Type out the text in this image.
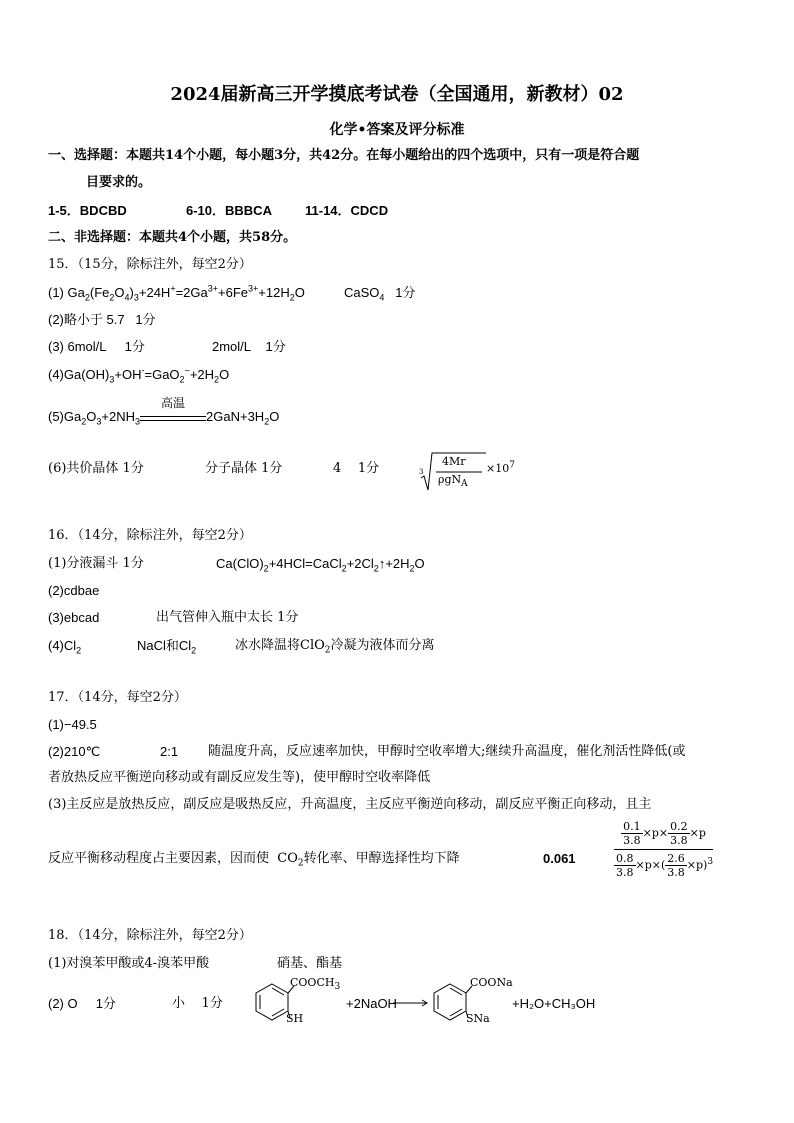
2024届新高三开学摸底考试卷（全国通用，新教材）02
化学•答案及评分标准
一、选择题：本题共14个小题，每小题3分，共42分。在每小题给出的四个选项中，只有一项是符合题
目要求的。
1-5．BDCBD	6-10．BBBCA	11-14．CDCD
二、非选择题：本题共4个小题，共58分。
15．（15分，除标注外，每空2分）
(1) $Ga_2(Fe_2O_4)_3+24H^+=2Ga^{3+}+6Fe^{3+}+12H_2O$	CaSO$_4$ 1分
(2)略小于 5.7 1分
(3) 6mol/L 1分	2mol/L 1分
$(4)Ga(OH)_3+OH^-=GaO_2^-+2H_2O$
$(5)Ga_2O_3+2NH_3$
高温
$2GaN+3H_2O$
(6)共价晶体 1分	分子晶体 1分	4 1分	3
4Mr
ρgN$_A$
$\times 10^7$
16．（14分，除标注外，每空2分）
(1)分液漏斗 1分	$Ca(ClO)_2+4HCl=CaCl_2+2Cl_2↑+2H_2O$
(2)cdbae
(3)ebcad	出气管伸入瓶中太长 1分
$(4)Cl_2$	NaCl和$Cl_2$	冰水降温将ClO$_2$冷凝为液体而分离
17．（14分，每空2分）
(1)−49.5
(2)210℃	2:1 随温度升高，反应速率加快，甲醇时空收率增大;继续升高温度，催化剂活性降低(或
者放热反应平衡逆向移动或有副反应发生等)，使甲醇时空收率降低
(3)主反应是放热反应，副反应是吸热反应，升高温度，主反应平衡逆向移动，副反应平衡正向移动，且主
反应平衡移动程度占主要因素，因而使  $CO_2$转化率、甲醇选择性均下降	0.061	$\frac{\frac{0.1}{3.8} \times p\times \frac{0.2}{3.8} \times p}{\frac{0.8}{3.8} \times p\times( \frac{2.6}{3.8} \times p)^3}$
18．（14分，除标注外，每空2分）
(1)对溴苯甲酸或4-溴苯甲酸	硝基、酯基
(2) O 1分	小 1分
$COOCH_3$
SH
+2NaOH
COONa
SNa
+H₂O+CH₃OH
